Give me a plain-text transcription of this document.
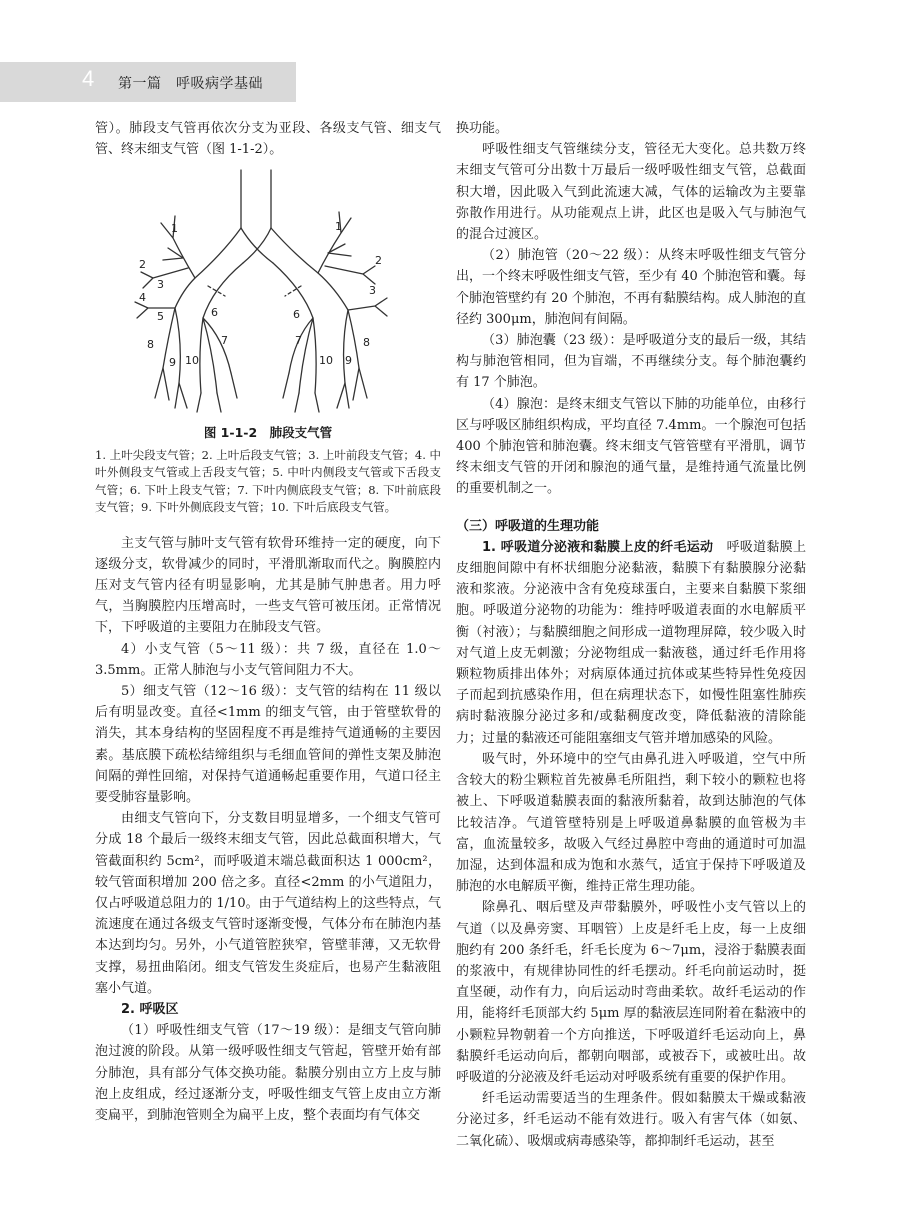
4 第一篇　呼吸病学基础

管）。肺段支气管再依次分支为亚段、各级支气管、细支气管、终末细支气管（图 1-1-2）。

1
2
3
4
5	6
7
8
9 10
1
2
3
6
7	8
9
10
图 1-1-2　肺段支气管

1. 上叶尖段支气管；2. 上叶后段支气管；3. 上叶前段支气管；4. 中叶外侧段支气管或上舌段支气管；5. 中叶内侧段支气管或下舌段支气管；6. 下叶上段支气管；7. 下叶内侧底段支气管；8. 下叶前底段支气管；9. 下叶外侧底段支气管；10. 下叶后底段支气管。

主支气管与肺叶支气管有软骨环维持一定的硬度，向下逐级分支，软骨减少的同时，平滑肌渐取而代之。胸膜腔内压对支气管内径有明显影响，尤其是肺气肿患者。用力呼气，当胸膜腔内压增高时，一些支气管可被压闭。正常情况下，下呼吸道的主要阻力在肺段支气管。

4）小支气管（5～11 级）：共 7 级，直径在 1.0～3.5mm。正常人肺泡与小支气管间阻力不大。

5）细支气管（12～16 级）：支气管的结构在 11 级以后有明显改变。直径<1mm 的细支气管，由于管壁软骨的消失，其本身结构的坚固程度不再是维持气道通畅的主要因素。基底膜下疏松结缔组织与毛细血管间的弹性支架及肺泡间隔的弹性回缩，对保持气道通畅起重要作用，气道口径主要受肺容量影响。

由细支气管向下，分支数目明显增多，一个细支气管可分成 18 个最后一级终末细支气管，因此总截面积增大，气管截面积约 5cm²，而呼吸道末端总截面积达 1 000cm²，较气管面积增加 200 倍之多。直径<2mm 的小气道阻力，仅占呼吸道总阻力的 1/10。由于气道结构上的这些特点，气流速度在通过各级支气管时逐渐变慢，气体分布在肺泡内基本达到均匀。另外，小气道管腔狭窄，管壁菲薄，又无软骨支撑，易扭曲陷闭。细支气管发生炎症后，也易产生黏液阻塞小气道。

2. 呼吸区

（1）呼吸性细支气管（17～19 级）：是细支气管向肺泡过渡的阶段。从第一级呼吸性细支气管起，管壁开始有部分肺泡，具有部分气体交换功能。黏膜分别由立方上皮与肺泡上皮组成，经过逐渐分支，呼吸性细支气管上皮由立方渐变扁平，到肺泡管则全为扁平上皮，整个表面均有气体交

换功能。

呼吸性细支气管继续分支，管径无大变化。总共数万终末细支气管可分出数十万最后一级呼吸性细支气管，总截面积大增，因此吸入气到此流速大减，气体的运输改为主要靠弥散作用进行。从功能观点上讲，此区也是吸入气与肺泡气的混合过渡区。

（2）肺泡管（20～22 级）：从终末呼吸性细支气管分出，一个终末呼吸性细支气管，至少有 40 个肺泡管和囊。每个肺泡管壁约有 20 个肺泡，不再有黏膜结构。成人肺泡的直径约 300μm，肺泡间有间隔。

（3）肺泡囊（23 级）：是呼吸道分支的最后一级，其结构与肺泡管相同，但为盲端，不再继续分支。每个肺泡囊约有 17 个肺泡。

（4）腺泡：是终末细支气管以下肺的功能单位，由移行区与呼吸区肺组织构成，平均直径 7.4mm。一个腺泡可包括 400 个肺泡管和肺泡囊。终末细支气管管壁有平滑肌，调节终末细支气管的开闭和腺泡的通气量，是维持通气流量比例的重要机制之一。

（三）呼吸道的生理功能

1. 呼吸道分泌液和黏膜上皮的纤毛运动　 呼吸道黏膜上皮细胞间隙中有杯状细胞分泌黏液，黏膜下有黏膜腺分泌黏液和浆液。分泌液中含有免疫球蛋白，主要来自黏膜下浆细胞。呼吸道分泌物的功能为：维持呼吸道表面的水电解质平衡（衬液）；与黏膜细胞之间形成一道物理屏障，较少吸入时对气道上皮无刺激；分泌物组成一黏液毯，通过纤毛作用将颗粒物质排出体外；对病原体通过抗体或某些特异性免疫因子而起到抗感染作用，但在病理状态下，如慢性阻塞性肺疾病时黏液腺分泌过多和/或黏稠度改变，降低黏液的清除能力；过量的黏液还可能阻塞细支气管并增加感染的风险。

吸气时，外环境中的空气由鼻孔进入呼吸道，空气中所含较大的粉尘颗粒首先被鼻毛所阻挡，剩下较小的颗粒也将被上、下呼吸道黏膜表面的黏液所黏着，故到达肺泡的气体比较洁净。气道管壁特别是上呼吸道鼻黏膜的血管极为丰富，血流量较多，故吸入气经过鼻腔中弯曲的通道时可加温加湿，达到体温和成为饱和水蒸气，适宜于保持下呼吸道及肺泡的水电解质平衡，维持正常生理功能。

除鼻孔、咽后壁及声带黏膜外，呼吸性小支气管以上的气道（以及鼻旁窦、耳咽管）上皮是纤毛上皮，每一上皮细胞约有 200 条纤毛，纤毛长度为 6～7μm，浸浴于黏膜表面的浆液中，有规律协同性的纤毛摆动。纤毛向前运动时，挺直坚硬，动作有力，向后运动时弯曲柔软。故纤毛运动的作用，能将纤毛顶部大约 5μm 厚的黏液层连同附着在黏液中的小颗粒异物朝着一个方向推送，下呼吸道纤毛运动向上，鼻黏膜纤毛运动向后，都朝向咽部，或被吞下，或被吐出。故呼吸道的分泌液及纤毛运动对呼吸系统有重要的保护作用。

纤毛运动需要适当的生理条件。假如黏膜太干燥或黏液分泌过多，纤毛运动不能有效进行。吸入有害气体（如氨、二氧化硫）、吸烟或病毒感染等，都抑制纤毛运动，甚至
